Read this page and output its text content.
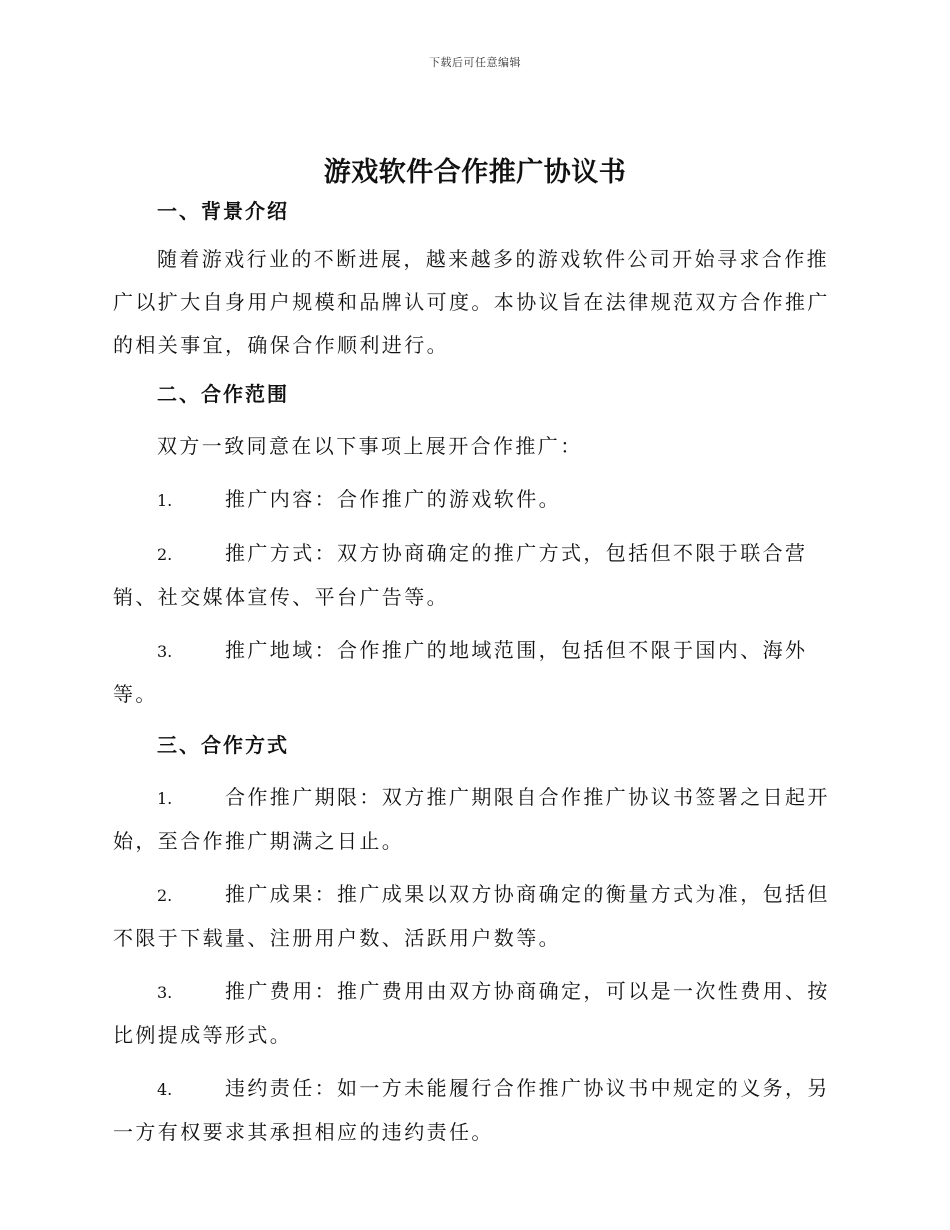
下载后可任意编辑
游戏软件合作推广协议书

一、背景介绍

随着游戏行业的不断进展，越来越多的游戏软件公司开始寻求合作推广以扩大自身用户规模和品牌认可度。本协议旨在法律规范双方合作推广的相关事宜，确保合作顺利进行。

二、合作范围

双方一致同意在以下事项上展开合作推广：

1.	推广内容：合作推广的游戏软件。

2.	推广方式：双方协商确定的推广方式，包括但不限于联合营销、社交媒体宣传、平台广告等。

3.	推广地域：合作推广的地域范围，包括但不限于国内、海外等。

三、合作方式

1.	合作推广期限：双方推广期限自合作推广协议书签署之日起开始，至合作推广期满之日止。

2.	推广成果：推广成果以双方协商确定的衡量方式为准，包括但不限于下载量、注册用户数、活跃用户数等。

3.	推广费用：推广费用由双方协商确定，可以是一次性费用、按比例提成等形式。

4.	违约责任：如一方未能履行合作推广协议书中规定的义务，另一方有权要求其承担相应的违约责任。
